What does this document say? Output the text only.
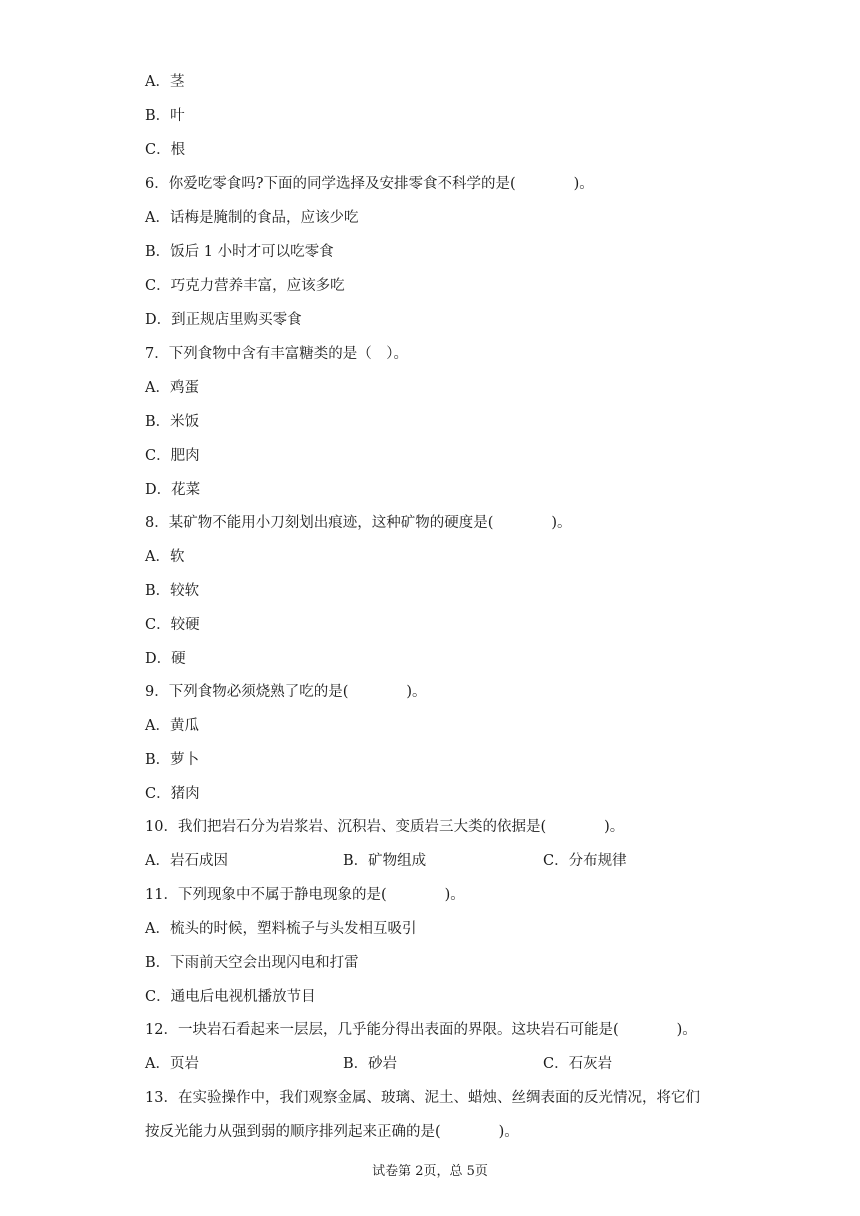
A．茎
B．叶
C．根
6．你爱吃零食吗?下面的同学选择及安排零食不科学的是(　　　　)。
A．话梅是腌制的食品，应该少吃
B．饭后 1 小时才可以吃零食
C．巧克力营养丰富，应该多吃
D．到正规店里购买零食
7．下列食物中含有丰富糖类的是（　）。
A．鸡蛋
B．米饭
C．肥肉
D．花菜
8．某矿物不能用小刀刻划出痕迹，这种矿物的硬度是(　　　　)。
A．软
B．较软
C．较硬
D．硬
9．下列食物必须烧熟了吃的是(　　　　)。
A．黄瓜
B．萝卜
C．猪肉
10．我们把岩石分为岩浆岩、沉积岩、变质岩三大类的依据是(　　　　)。
A．岩石成因	B．矿物组成	C．分布规律
11．下列现象中不属于静电现象的是(　　　　)。
A．梳头的时候，塑料梳子与头发相互吸引
B．下雨前天空会出现闪电和打雷
C．通电后电视机播放节目
12．一块岩石看起来一层层，几乎能分得出表面的界限。这块岩石可能是(　　　　)。
A．页岩	B．砂岩	C．石灰岩
13．在实验操作中，我们观察金属、玻璃、泥土、蜡烛、丝绸表面的反光情况，将它们
按反光能力从强到弱的顺序排列起来正确的是(　　　　)。
试卷第 2页，总 5页
